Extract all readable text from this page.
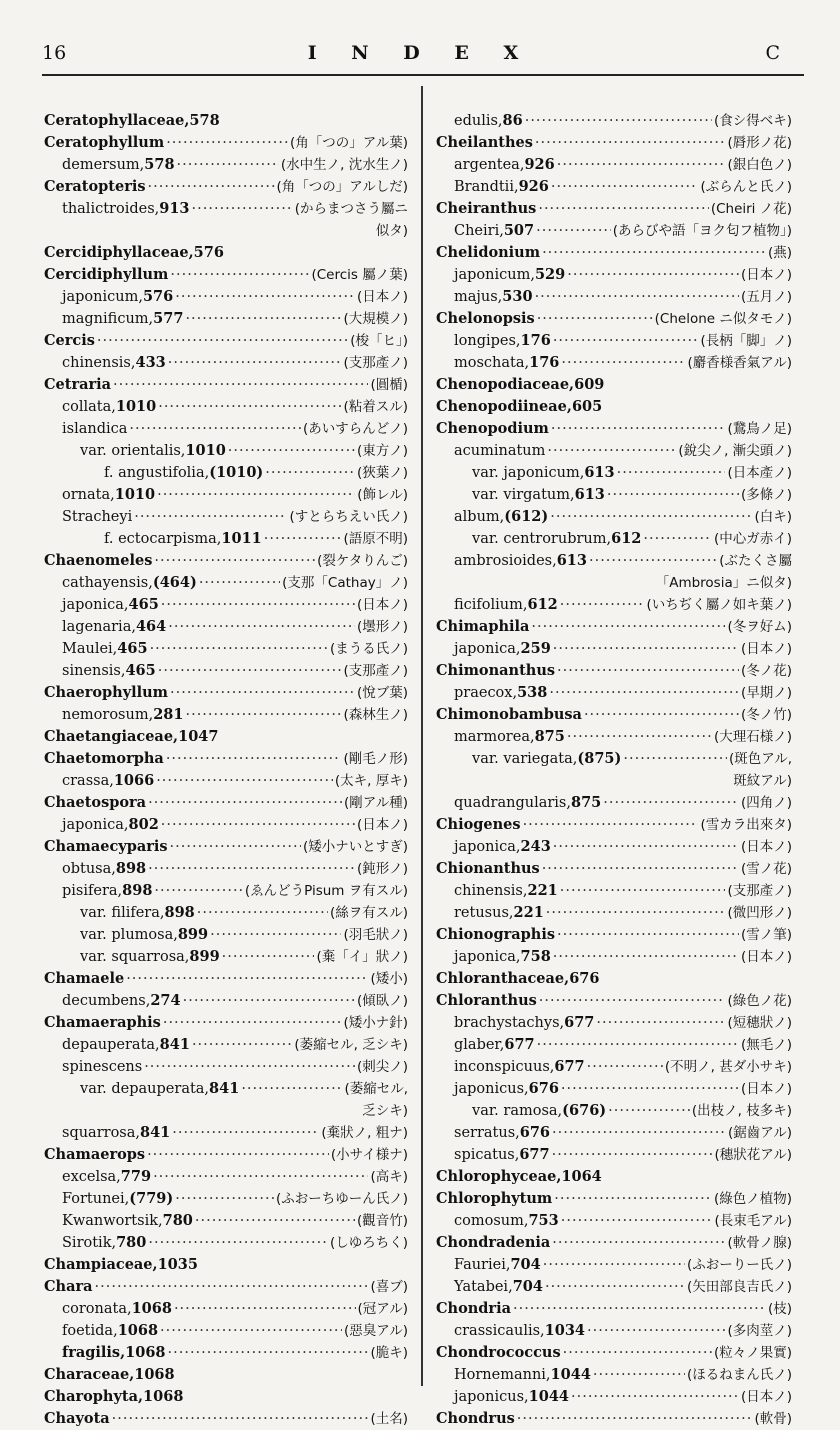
16	I N D E X	C
Ceratophyllaceae, 578
Ceratophyllum ·····	(角「つの」アル葉)
demersum, 578 ·····	(水中生ノ, 沈水生ノ)
Ceratopteris ·····	(角「つの」アルしだ)
thalictroides, 913 ·····	(からまつさう屬ニ
似タ)
Cercidiphyllaceae, 576
Cercidiphyllum ·····	(Cercis 屬ノ葉)
japonicum, 576 ·····	(日本ノ)
magnificum, 577 ·····	(大規模ノ)
Cercis ·····	(梭「ヒ」)
chinensis, 433 ·····	(支那產ノ)
Cetraria ·····	(圓楯)
collata, 1010 ·····	(粘着スル)
islandica ·····	(あいすらんどノ)
var. orientalis, 1010 ·····	(東方ノ)
f. angustifolia, (1010) ·····	(狹葉ノ)
ornata, 1010 ·····	(飾レル)
Stracheyi ·····	(すとらちえい氏ノ)
f. ectocarpisma, 1011 ·····	(語原不明)
Chaenomeles ·····	(裂ケタりんご)
cathayensis, (464) ·····	(支那「Cathay」ノ)
japonica, 465 ·····	(日本ノ)
lagenaria, 464 ·····	(壜形ノ)
Maulei, 465 ·····	(まうる氏ノ)
sinensis, 465 ·····	(支那產ノ)
Chaerophyllum ·····	(悅ブ葉)
nemorosum, 281 ·····	(森林生ノ)
Chaetangiaceae, 1047
Chaetomorpha ·····	(剛毛ノ形)
crassa, 1066 ·····	(太キ, 厚キ)
Chaetospora ·····	(剛アル種)
japonica, 802 ·····	(日本ノ)
Chamaecyparis ·····	(矮小ナいとすぎ)
obtusa, 898 ·····	(鈍形ノ)
pisifera, 898 ·····	(ゑんどうPisum ヲ有スル)
var. filifera, 898 ·····	(絲ヲ有スル)
var. plumosa, 899 ·····	(羽毛狀ノ)
var. squarrosa, 899 ·····	(棄「イ」狀ノ)
Chamaele ·····	(矮小)
decumbens, 274 ·····	(傾臥ノ)
Chamaeraphis ·····	(矮小ナ針)
depauperata, 841 ·····	(萎縮セル, 乏シキ)
spinescens ·····	(刺尖ノ)
var. depauperata, 841 ·····	(萎縮セル,
乏シキ)
squarrosa, 841 ·····	(棄狀ノ, 粗ナ)
Chamaerops ·····	(小サイ様ナ)
excelsa, 779 ·····	(高キ)
Fortunei, (779) ·····	(ふおーちゆーん氏ノ)
Kwanwortsik, 780 ·····	(觀音竹)
Sirotik, 780 ·····	(しゆろちく)
Champiaceae, 1035
Chara ·····	(喜ブ)
coronata, 1068 ·····	(冠アル)
foetida, 1068 ·····	(惡臭アル)
fragilis, 1068 ·····	(脆キ)
Characeae, 1068
Charophyta, 1068
Chayota ·····	(土名)
edulis, 86 ·····	(食シ得ベキ)
Cheilanthes ·····	(脣形ノ花)
argentea, 926 ·····	(銀白色ノ)
Brandtii, 926 ·····	(ぶらんと氏ノ)
Cheiranthus ·····	(Cheiri ノ花)
Cheiri, 507 ·····	(あらびや語「ヨク匂フ植物」)
Chelidonium ·····	(燕)
japonicum, 529 ·····	(日本ノ)
majus, 530 ·····	(五月ノ)
Chelonopsis ·····	(Chelone ニ似タモノ)
longipes, 176 ·····	(長柄「脚」ノ)
moschata, 176 ·····	(麝香様香氣アル)
Chenopodiaceae, 609
Chenopodiineae, 605
Chenopodium ·····	(鵞鳥ノ足)
acuminatum ·····	(銳尖ノ, 漸尖頭ノ)
var. japonicum, 613 ·····	(日本產ノ)
var. virgatum, 613 ·····	(多條ノ)
album, (612) ·····	(白キ)
var. centrorubrum, 612 ·····	(中心ガ赤イ)
ambrosioides, 613 ·····	(ぶたくさ屬
「Ambrosia」ニ似タ)
ficifolium, 612 ·····	(いちぢく屬ノ如キ葉ノ)
Chimaphila ·····	(冬ヲ好ム)
japonica, 259 ·····	(日本ノ)
Chimonanthus ·····	(冬ノ花)
praecox, 538 ·····	(早期ノ)
Chimonobambusa ·····	(冬ノ竹)
marmorea, 875 ·····	(大理石様ノ)
var. variegata, (875) ·····	(斑色アル,
斑紋アル)
quadrangularis, 875 ·····	(四角ノ)
Chiogenes ·····	(雪カラ出來タ)
japonica, 243 ·····	(日本ノ)
Chionanthus ·····	(雪ノ花)
chinensis, 221 ·····	(支那產ノ)
retusus, 221 ·····	(微凹形ノ)
Chionographis ·····	(雪ノ筆)
japonica, 758 ·····	(日本ノ)
Chloranthaceae, 676
Chloranthus ·····	(綠色ノ花)
brachystachys, 677 ·····	(短穗狀ノ)
glaber, 677 ·····	(無毛ノ)
inconspicuus, 677 ·····	(不明ノ, 甚ダ小サキ)
japonicus, 676 ·····	(日本ノ)
var. ramosa, (676) ·····	(出枝ノ, 枝多キ)
serratus, 676 ·····	(鋸齒アル)
spicatus, 677 ·····	(穗狀花アル)
Chlorophyceae, 1064
Chlorophytum ·····	(綠色ノ植物)
comosum, 753 ·····	(長束毛アル)
Chondradenia ·····	(軟骨ノ腺)
Fauriei, 704 ·····	(ふおーりー氏ノ)
Yatabei, 704 ·····	(矢田部良吉氏ノ)
Chondria ·····	(枝)
crassicaulis, 1034 ·····	(多肉莖ノ)
Chondrococcus ·····	(粒々ノ果實)
Hornemanni, 1044 ·····	(ほるねまん氏ノ)
japonicus, 1044 ·····	(日本ノ)
Chondrus ·····	(軟骨)
